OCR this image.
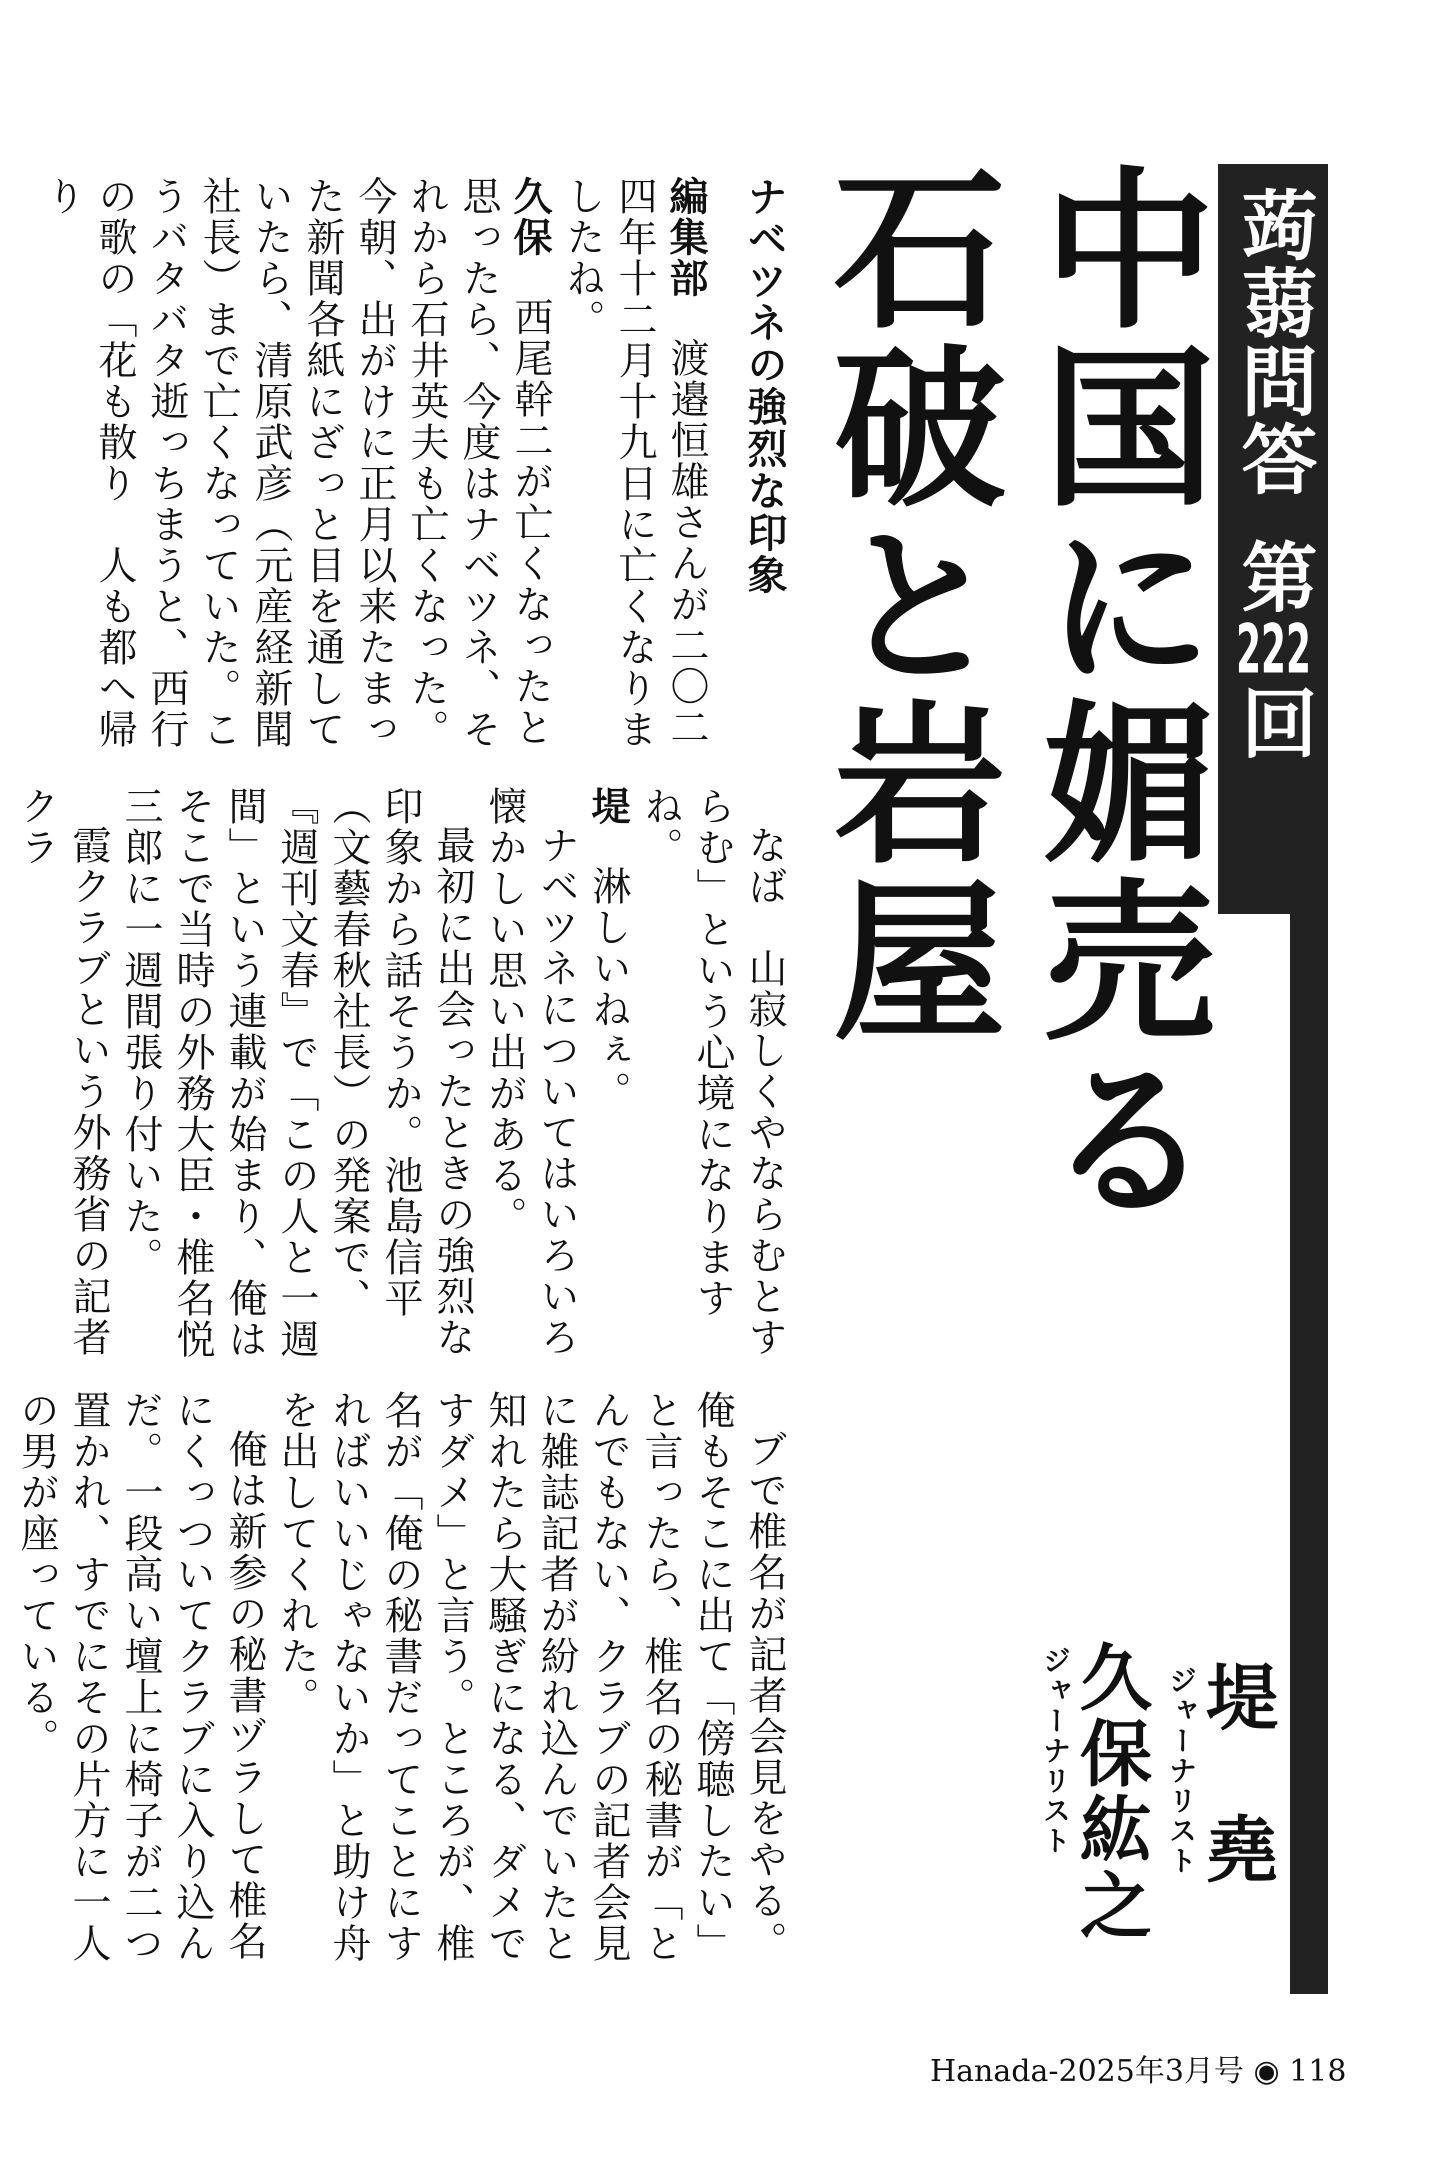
蒟蒻問答
第222回
中国に媚売る石破と岩屋
堤　堯
ジャーナリスト
久保紘之
ジャーナリスト

ナベツネの強烈な印象

編集部渡邉恒雄さんが二〇二四年十二月十九日に亡くなりましたね。

久保西尾幹二が亡くなったと思ったら、今度はナベツネ、それから石井英夫も亡くなった。今朝、出がけに正月以来たまった新聞各紙にざっと目を通していたら、清原武彦（元産経新聞社長）まで亡くなっていた。こうバタバタ逝っちまうと、西行の歌の「花も散り　人も都へ帰り

なば　山寂しくやならむとすらむ」という心境になりますね。

堤淋しいねぇ。

ナベツネについてはいろいろ懐かしい思い出がある。

最初に出会ったときの強烈な印象から話そうか。池島信平（文藝春秋社長）の発案で、『週刊文春』で「この人と一週間」という連載が始まり、俺はそこで当時の外務大臣・椎名悦三郎に一週間張り付いた。

霞クラブという外務省の記者クラ

ブで椎名が記者会見をやる。俺もそこに出て「傍聴したい」と言ったら、椎名の秘書が「とんでもない、クラブの記者会見に雑誌記者が紛れ込んでいたと知れたら大騒ぎになる、ダメですダメ」と言う。ところが、椎名が「俺の秘書だってことにすればいいじゃないか」と助け舟を出してくれた。

俺は新参の秘書ヅラして椎名にくっついてクラブに入り込んだ。一段高い壇上に椅子が二つ置かれ、すでにその片方に一人の男が座っている。

Hanada-2025年3月号 ◉ 118
